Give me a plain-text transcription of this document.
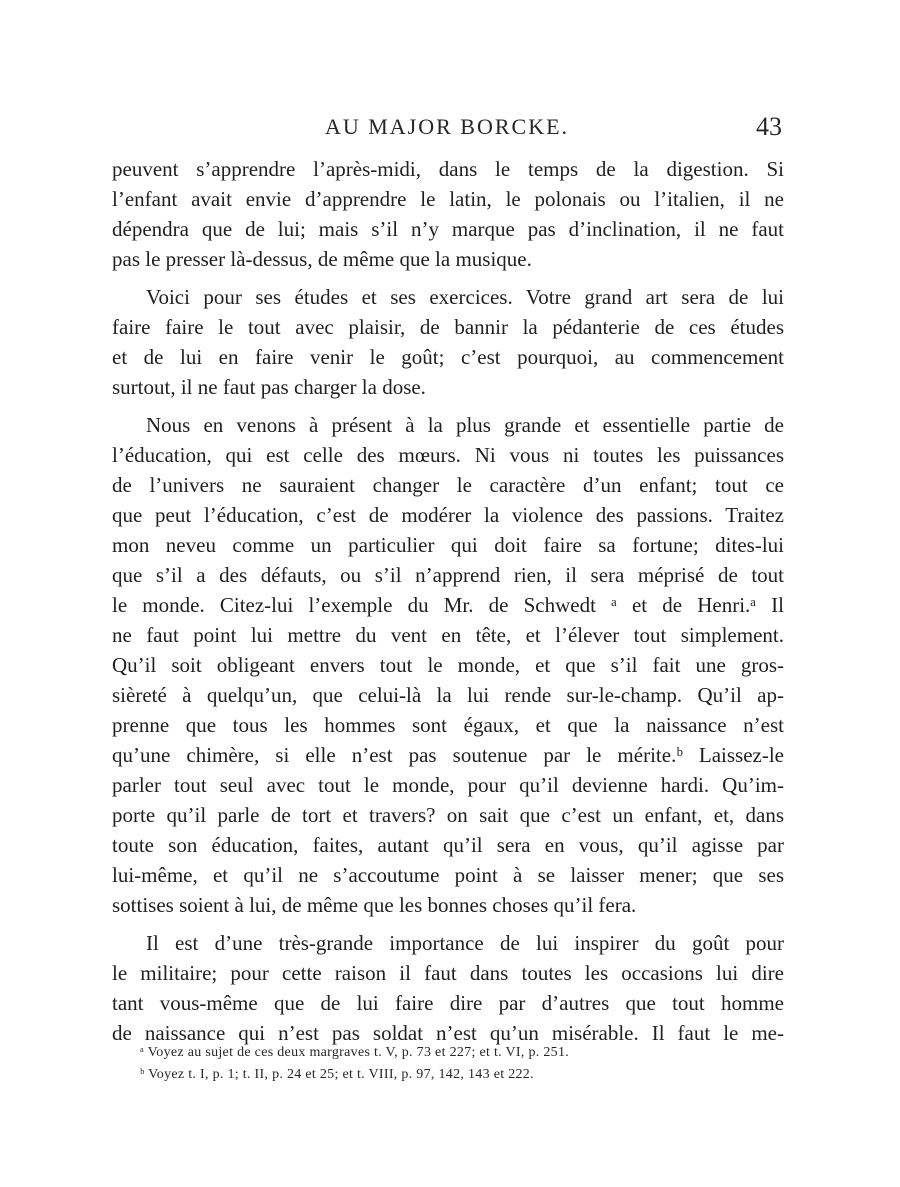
AU MAJOR BORCKE.	43
peuvent s’apprendre l’après-midi, dans le temps de la digestion. Si
l’enfant avait envie d’apprendre le latin, le polonais ou l’italien, il ne
dépendra que de lui; mais s’il n’y marque pas d’inclination, il ne faut
pas le presser là-dessus, de même que la musique.
Voici pour ses études et ses exercices. Votre grand art sera de lui
faire faire le tout avec plaisir, de bannir la pédanterie de ces études
et de lui en faire venir le goût; c’est pourquoi, au commencement
surtout, il ne faut pas charger la dose.
Nous en venons à présent à la plus grande et essentielle partie de
l’éducation, qui est celle des mœurs. Ni vous ni toutes les puissances
de l’univers ne sauraient changer le caractère d’un enfant; tout ce
que peut l’éducation, c’est de modérer la violence des passions. Traitez
mon neveu comme un particulier qui doit faire sa fortune; dites-lui
que s’il a des défauts, ou s’il n’apprend rien, il sera méprisé de tout
le monde. Citez-lui l’exemple du Mr. de Schwedt ᵃ et de Henri.ᵃ Il
ne faut point lui mettre du vent en tête, et l’élever tout simplement.
Qu’il soit obligeant envers tout le monde, et que s’il fait une gros-
sièreté à quelqu’un, que celui-là la lui rende sur-le-champ. Qu’il ap-
prenne que tous les hommes sont égaux, et que la naissance n’est
qu’une chimère, si elle n’est pas soutenue par le mérite.ᵇ Laissez-le
parler tout seul avec tout le monde, pour qu’il devienne hardi. Qu’im-
porte qu’il parle de tort et travers? on sait que c’est un enfant, et, dans
toute son éducation, faites, autant qu’il sera en vous, qu’il agisse par
lui-même, et qu’il ne s’accoutume point à se laisser mener; que ses
sottises soient à lui, de même que les bonnes choses qu’il fera.
Il est d’une très-grande importance de lui inspirer du goût pour
le militaire; pour cette raison il faut dans toutes les occasions lui dire
tant vous-même que de lui faire dire par d’autres que tout homme
de naissance qui n’est pas soldat n’est qu’un misérable. Il faut le me-
ᵃ Voyez au sujet de ces deux margraves t. V, p. 73 et 227; et t. VI, p. 251.
ᵇ Voyez t. I, p. 1; t. II, p. 24 et 25; et t. VIII, p. 97, 142, 143 et 222.
